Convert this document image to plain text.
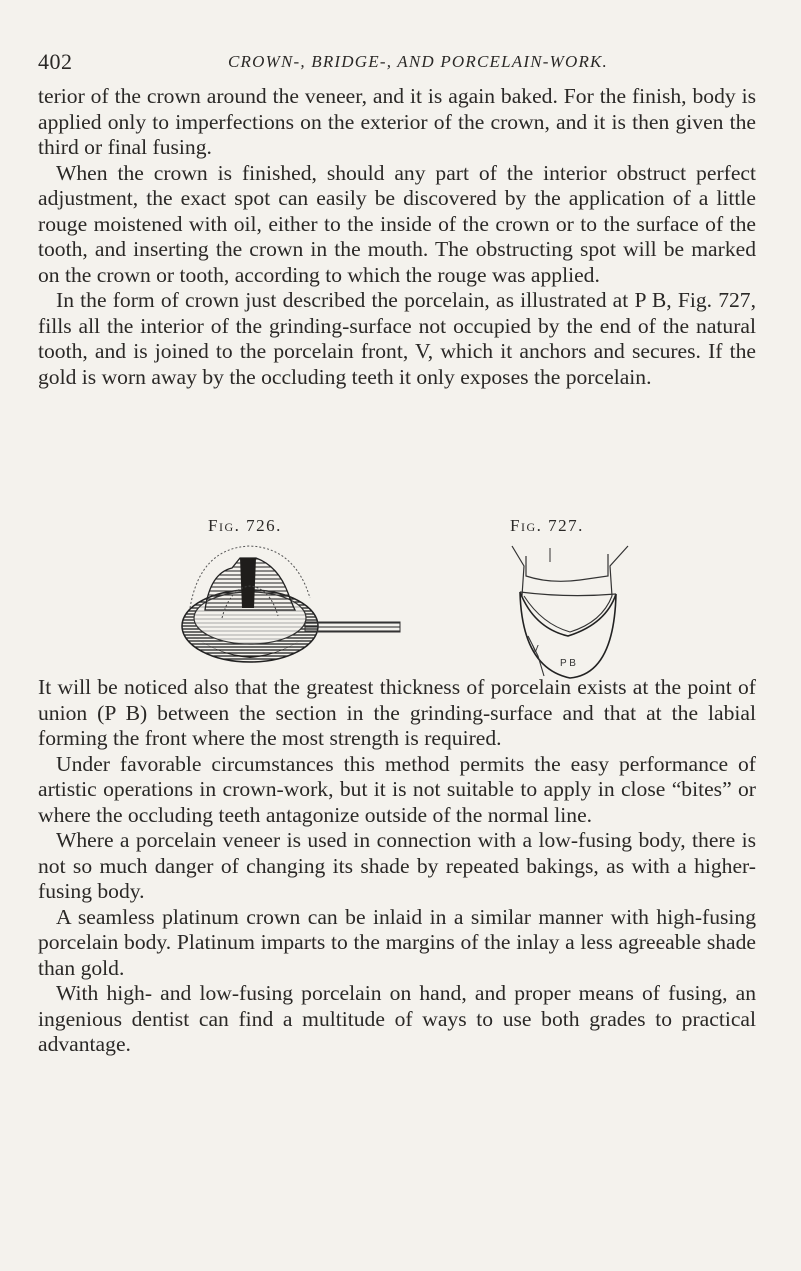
402	CROWN-, BRIDGE-, AND PORCELAIN-WORK.

terior of the crown around the veneer, and it is again baked. For the finish, body is applied only to imperfections on the exterior of the crown, and it is then given the third or final fusing.

When the crown is finished, should any part of the interior obstruct perfect adjustment, the exact spot can easily be discovered by the application of a little rouge moistened with oil, either to the inside of the crown or to the surface of the tooth, and inserting the crown in the mouth. The obstructing spot will be marked on the crown or tooth, according to which the rouge was applied.

In the form of crown just described the porcelain, as illustrated at P B, Fig. 727, fills all the interior of the grinding-surface not occupied by the end of the natural tooth, and is joined to the porcelain front, V, which it anchors and secures. If the gold is worn away by the occluding teeth it only exposes the porcelain.

Fig. 726.	Fig. 727.
V
P B

It will be noticed also that the greatest thickness of porcelain exists at the point of union (P B) between the section in the grinding-surface and that at the labial forming the front where the most strength is required.

Under favorable circumstances this method permits the easy performance of artistic operations in crown-work, but it is not suitable to apply in close “bites” or where the occluding teeth antagonize outside of the normal line.

Where a porcelain veneer is used in connection with a low-fusing body, there is not so much danger of changing its shade by repeated bakings, as with a higher-fusing body.

A seamless platinum crown can be inlaid in a similar manner with high-fusing porcelain body. Platinum imparts to the margins of the inlay a less agreeable shade than gold.

With high- and low-fusing porcelain on hand, and proper means of fusing, an ingenious dentist can find a multitude of ways to use both grades to practical advantage.
